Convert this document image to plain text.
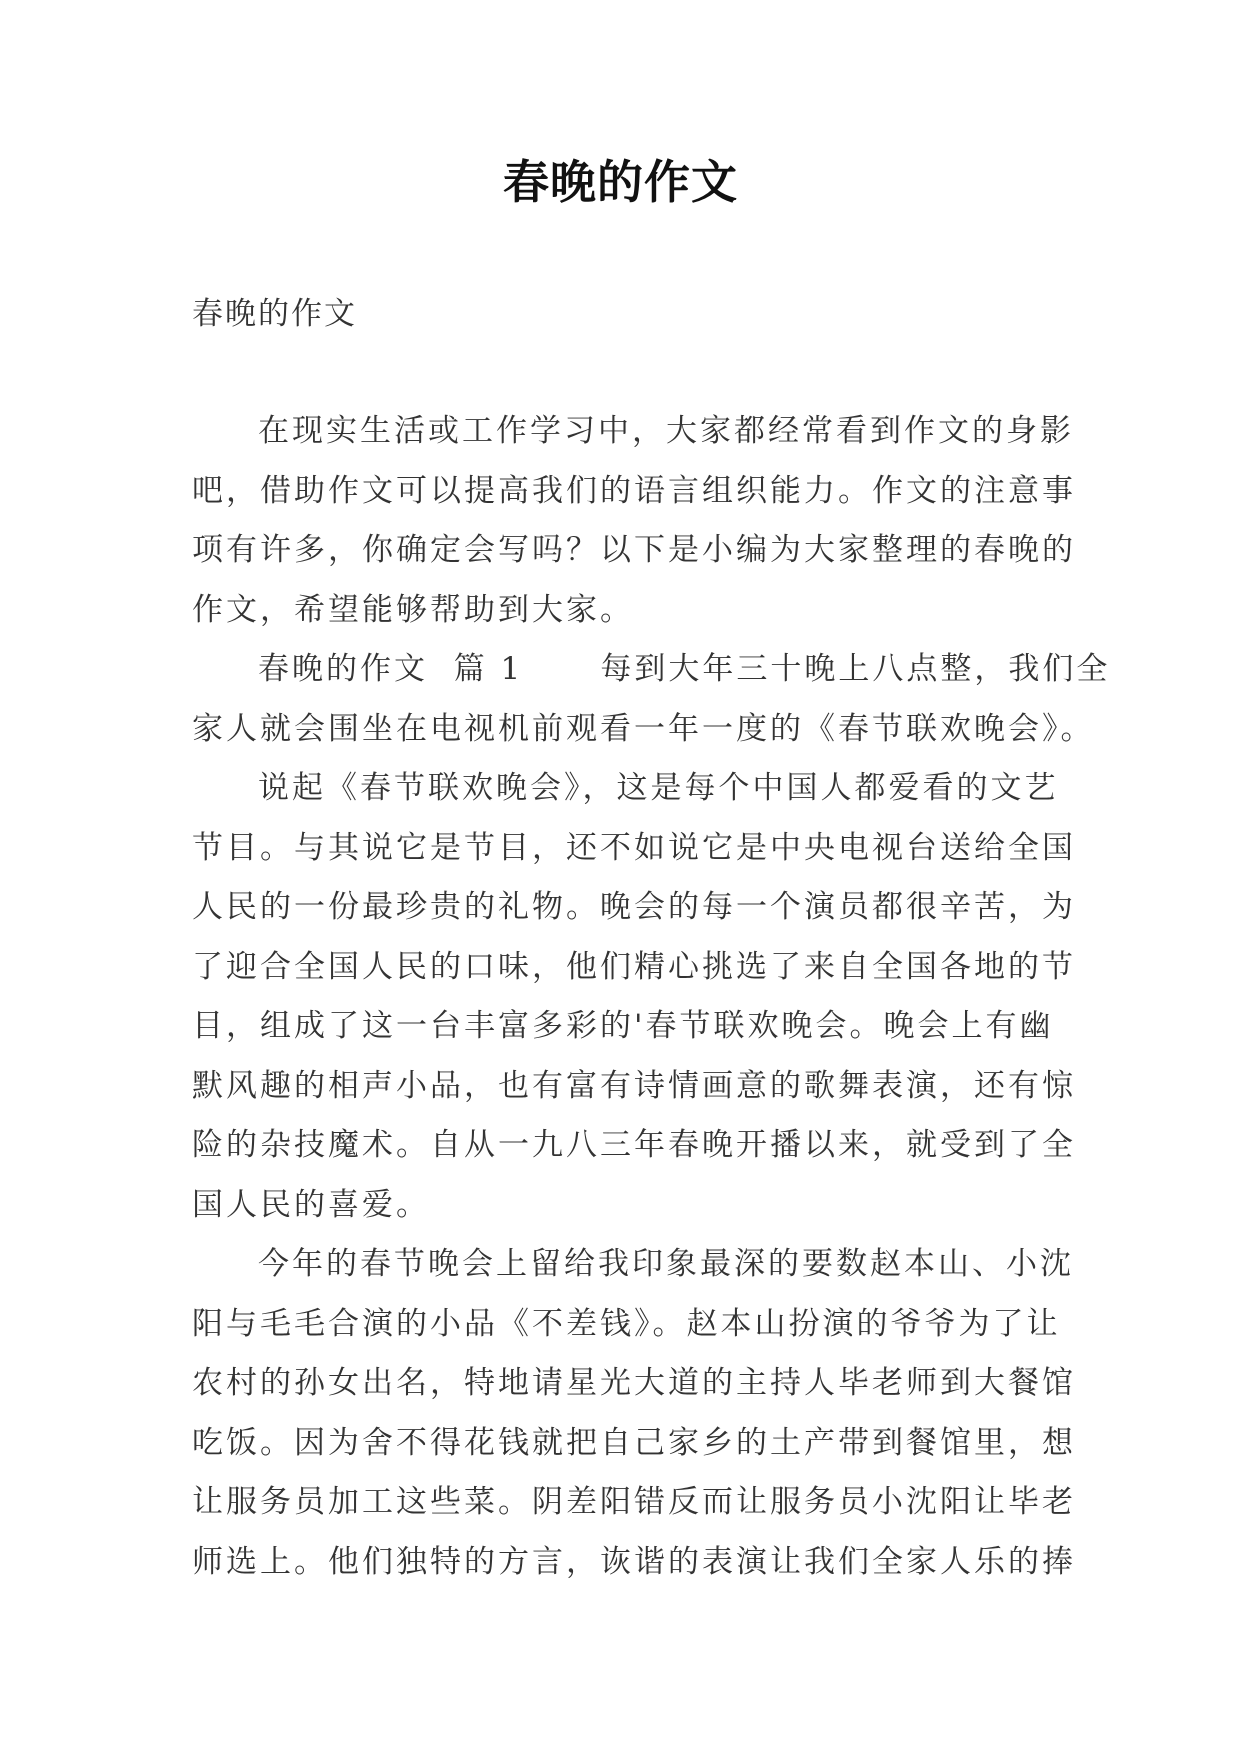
春晚的作文
春晚的作文

在现实生活或工作学习中，大家都经常看到作文的身影
吧，借助作文可以提高我们的语言组织能力。作文的注意事
项有许多，你确定会写吗？以下是小编为大家整理的春晚的
作文，希望能够帮助到大家。

春晚的作文  篇 1      每到大年三十晚上八点整，我们全
家人就会围坐在电视机前观看一年一度的《春节联欢晚会》。

说起《春节联欢晚会》，这是每个中国人都爱看的文艺
节目。与其说它是节目，还不如说它是中央电视台送给全国
人民的一份最珍贵的礼物。晚会的每一个演员都很辛苦，为
了迎合全国人民的口味，他们精心挑选了来自全国各地的节
目，组成了这一台丰富多彩的'春节联欢晚会。晚会上有幽
默风趣的相声小品，也有富有诗情画意的歌舞表演，还有惊
险的杂技魔术。自从一九八三年春晚开播以来，就受到了全
国人民的喜爱。

今年的春节晚会上留给我印象最深的要数赵本山、小沈
阳与毛毛合演的小品《不差钱》。赵本山扮演的爷爷为了让
农村的孙女出名，特地请星光大道的主持人毕老师到大餐馆
吃饭。因为舍不得花钱就把自己家乡的土产带到餐馆里，想
让服务员加工这些菜。阴差阳错反而让服务员小沈阳让毕老
师选上。他们独特的方言，诙谐的表演让我们全家人乐的捧
